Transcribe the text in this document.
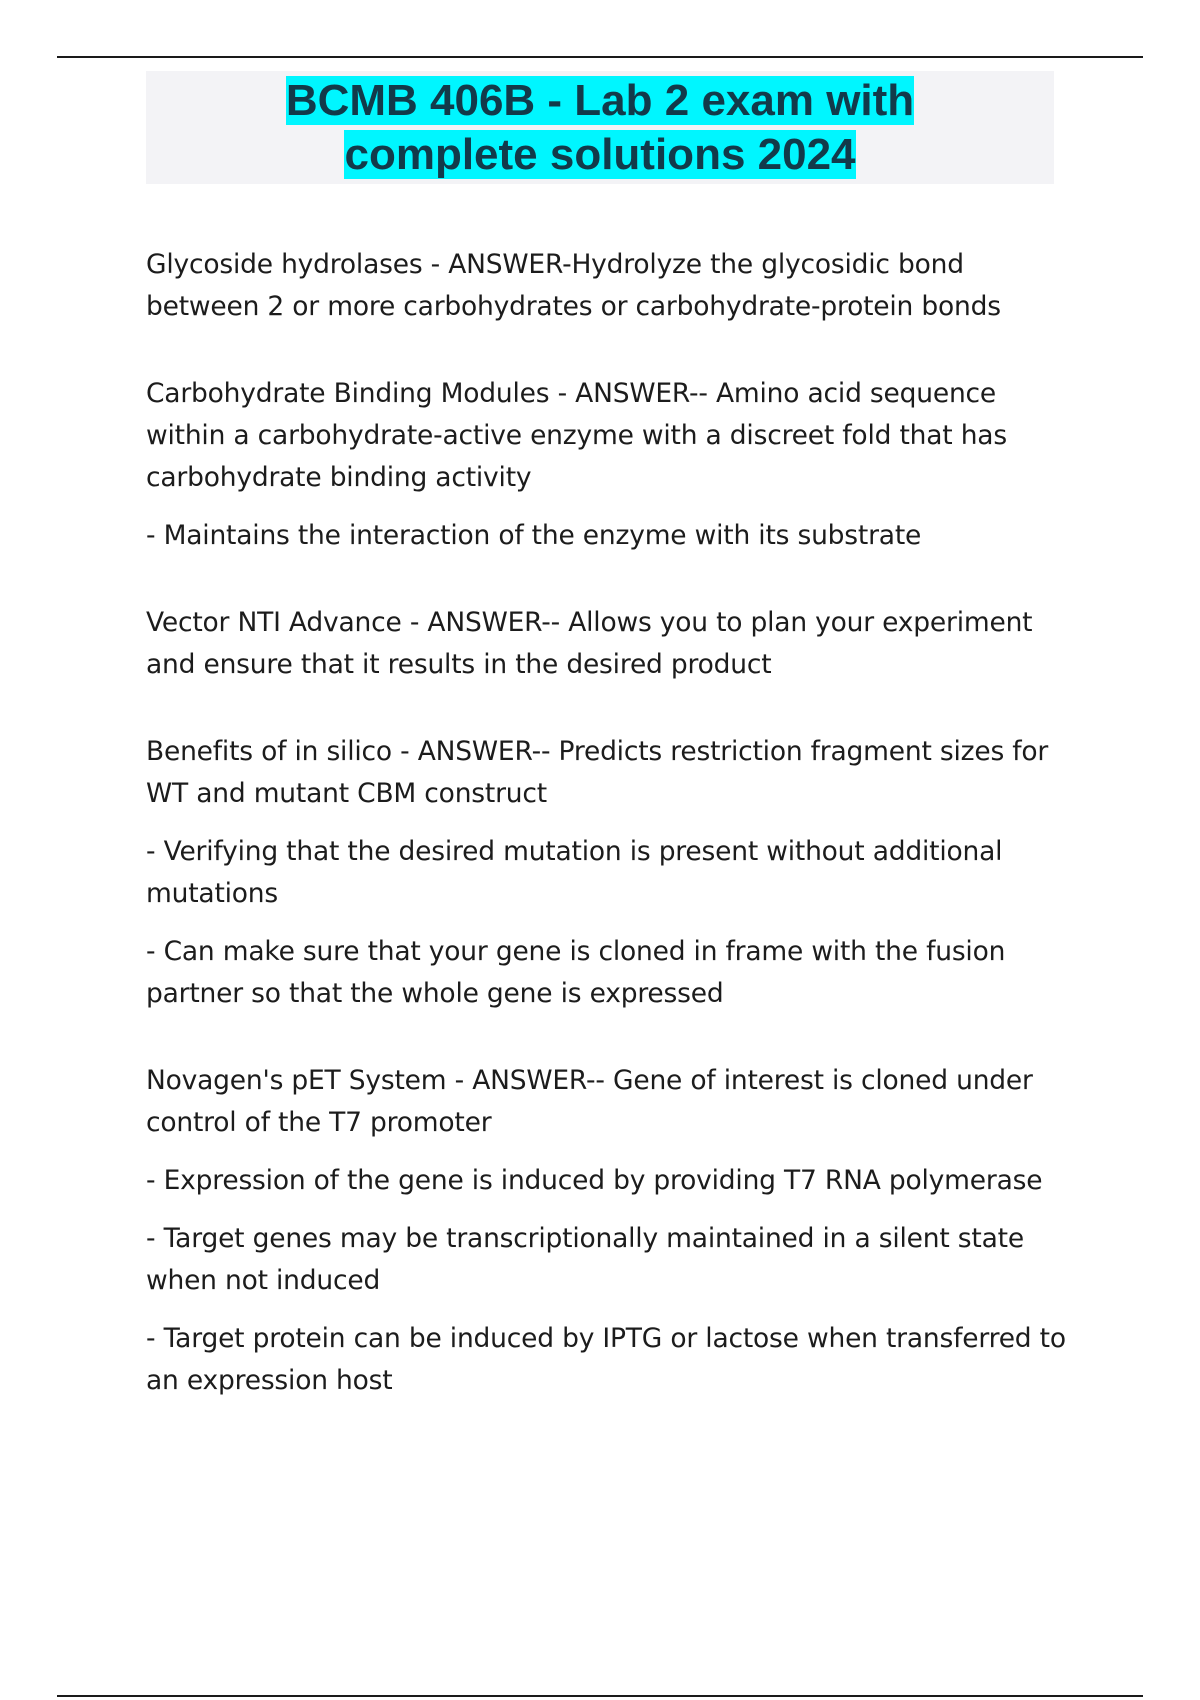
BCMB 406B - Lab 2 exam with
complete solutions 2024

Glycoside hydrolases - ANSWER-Hydrolyze the glycosidic bond between 2 or more carbohydrates or carbohydrate-protein bonds

Carbohydrate Binding Modules - ANSWER-- Amino acid sequence within a carbohydrate-active enzyme with a discreet fold that has carbohydrate binding activity

- Maintains the interaction of the enzyme with its substrate

Vector NTI Advance - ANSWER-- Allows you to plan your experiment and ensure that it results in the desired product

Benefits of in silico - ANSWER-- Predicts restriction fragment sizes for WT and mutant CBM construct

- Verifying that the desired mutation is present without additional mutations

- Can make sure that your gene is cloned in frame with the fusion partner so that the whole gene is expressed

Novagen's pET System - ANSWER-- Gene of interest is cloned under control of the T7 promoter

- Expression of the gene is induced by providing T7 RNA polymerase

- Target genes may be transcriptionally maintained in a silent state when not induced

- Target protein can be induced by IPTG or lactose when transferred to an expression host
